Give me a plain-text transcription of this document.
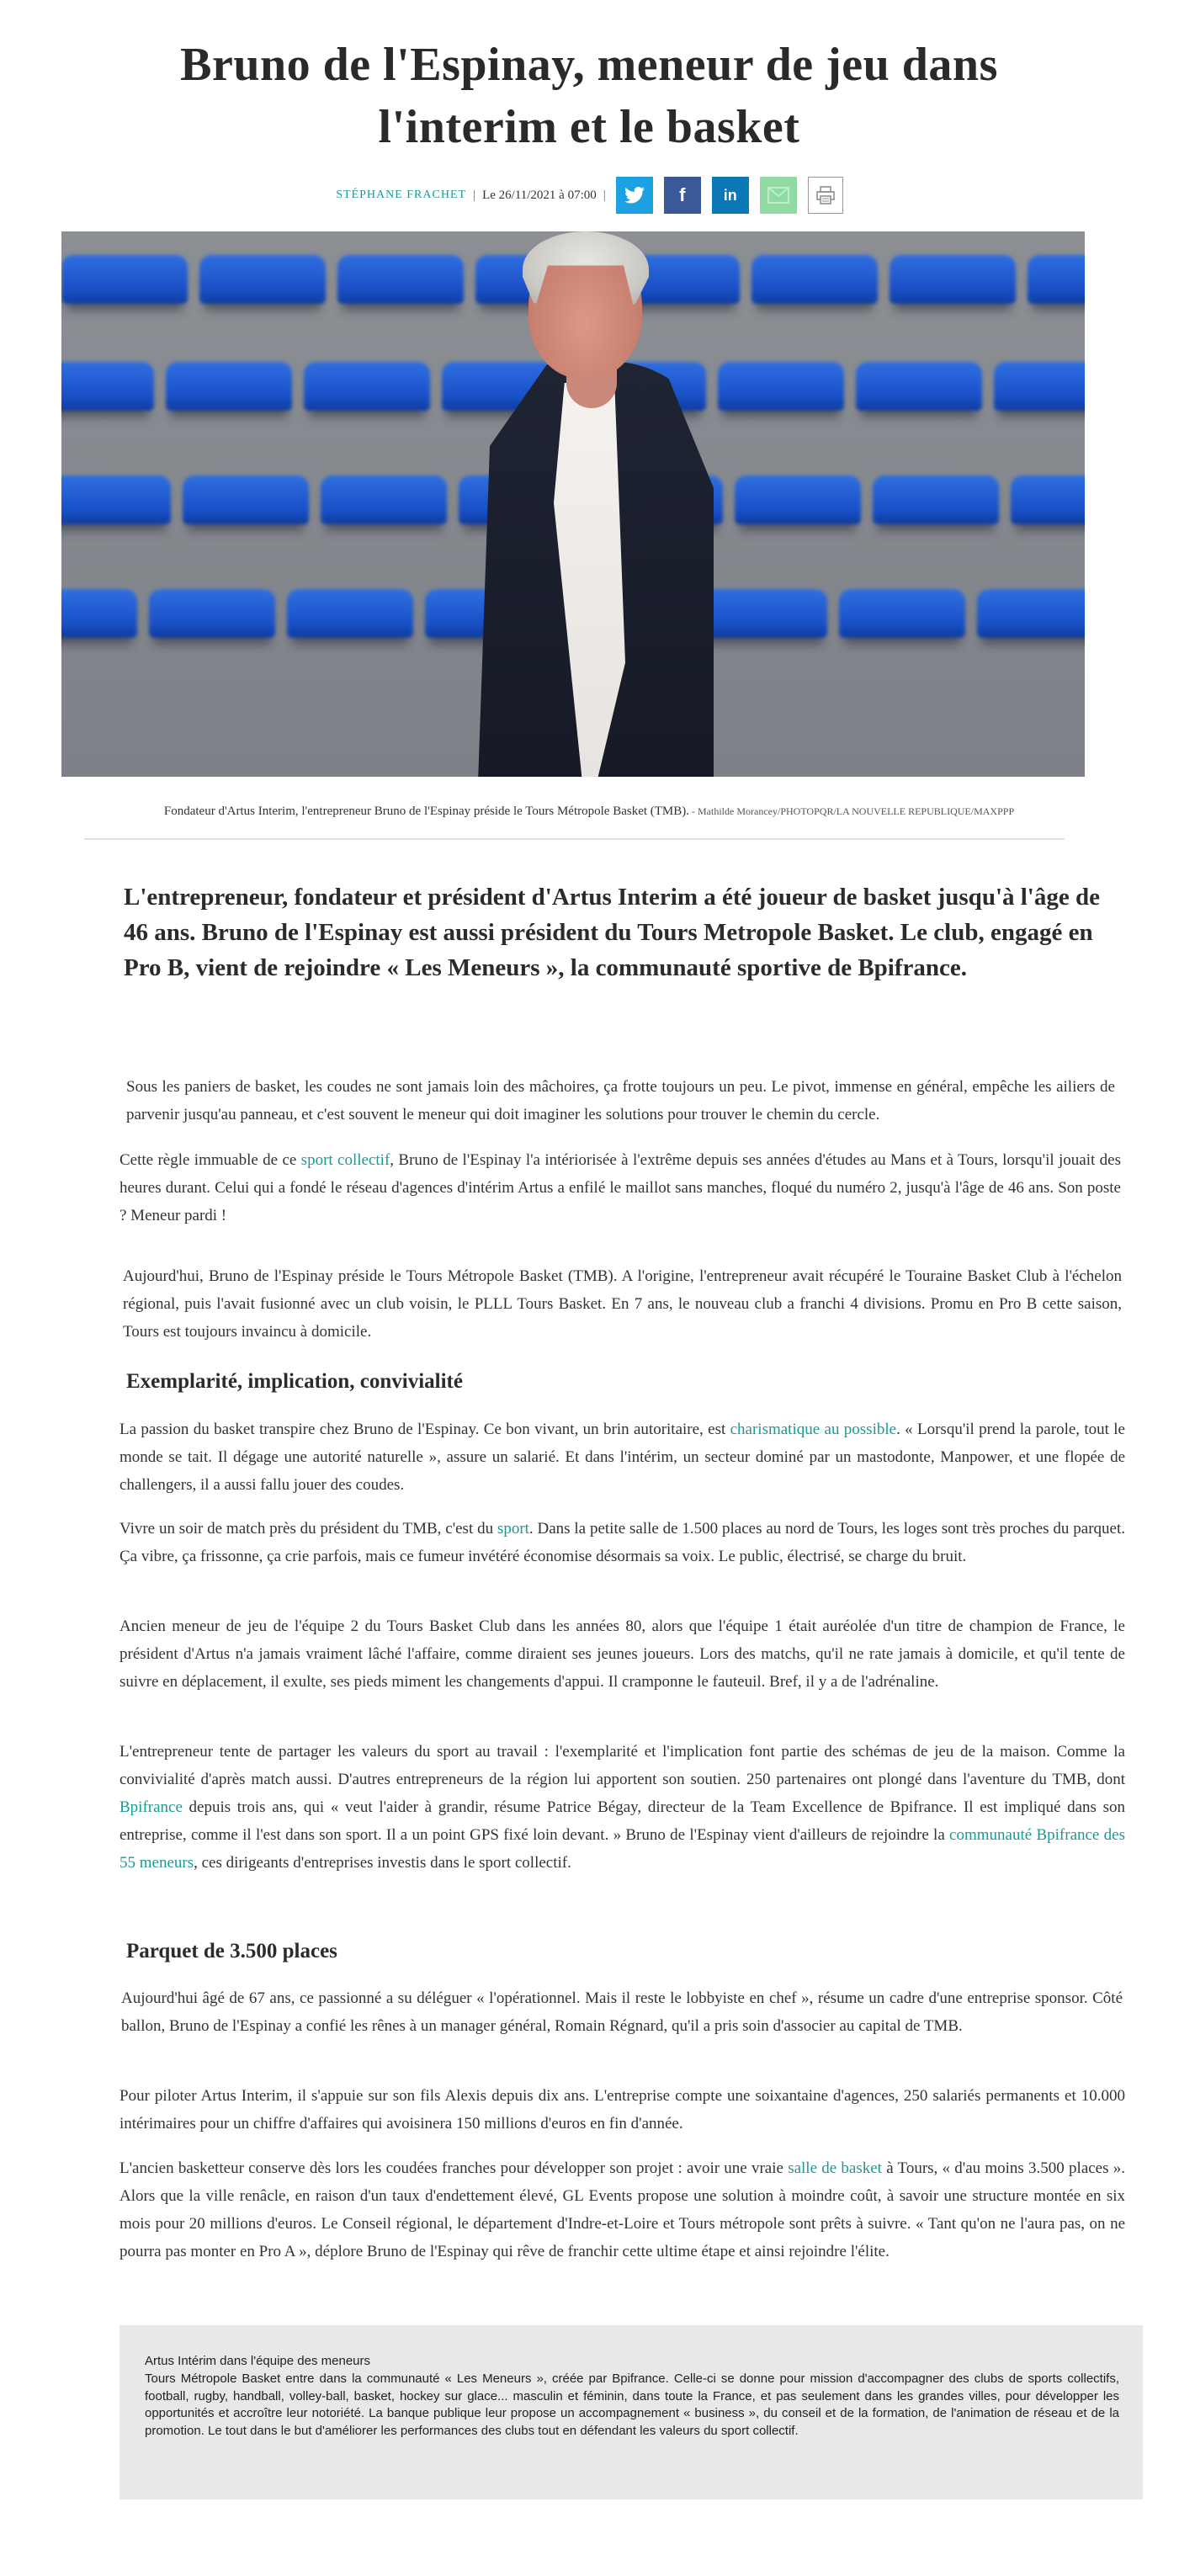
Bruno de l'Espinay, meneur de jeu dans l'interim et le basket
STÉPHANE FRACHET | Le 26/11/2021 à 07:00 |	f	in
Fondateur d'Artus Interim, l'entrepreneur Bruno de l'Espinay préside le Tours Métropole Basket (TMB). - Mathilde Morancey/PHOTOPQR/LA NOUVELLE REPUBLIQUE/MAXPPP
L'entrepreneur, fondateur et président d'Artus Interim a été joueur de basket jusqu'à l'âge de 46 ans. Bruno de l'Espinay est aussi président du Tours Metropole Basket. Le club, engagé en Pro B, vient de rejoindre « Les Meneurs », la communauté sportive de Bpifrance.

Sous les paniers de basket, les coudes ne sont jamais loin des mâchoires, ça frotte toujours un peu. Le pivot, immense en général, empêche les ailiers de parvenir jusqu'au panneau, et c'est souvent le meneur qui doit imaginer les solutions pour trouver le chemin du cercle.

Cette règle immuable de ce sport collectif, Bruno de l'Espinay l'a intériorisée à l'extrême depuis ses années d'études au Mans et à Tours, lorsqu'il jouait des heures durant. Celui qui a fondé le réseau d'agences d'intérim Artus a enfilé le maillot sans manches, floqué du numéro 2, jusqu'à l'âge de 46 ans. Son poste ? Meneur pardi !

Aujourd'hui, Bruno de l'Espinay préside le Tours Métropole Basket (TMB). A l'origine, l'entrepreneur avait récupéré le Touraine Basket Club à l'échelon régional, puis l'avait fusionné avec un club voisin, le PLLL Tours Basket. En 7 ans, le nouveau club a franchi 4 divisions. Promu en Pro B cette saison, Tours est toujours invaincu à domicile.

Exemplarité, implication, convivialité

La passion du basket transpire chez Bruno de l'Espinay. Ce bon vivant, un brin autoritaire, est charismatique au possible. « Lorsqu'il prend la parole, tout le monde se tait. Il dégage une autorité naturelle », assure un salarié. Et dans l'intérim, un secteur dominé par un mastodonte, Manpower, et une flopée de challengers, il a aussi fallu jouer des coudes.

Vivre un soir de match près du président du TMB, c'est du sport. Dans la petite salle de 1.500 places au nord de Tours, les loges sont très proches du parquet. Ça vibre, ça frissonne, ça crie parfois, mais ce fumeur invétéré économise désormais sa voix. Le public, électrisé, se charge du bruit.

Ancien meneur de jeu de l'équipe 2 du Tours Basket Club dans les années 80, alors que l'équipe 1 était auréolée d'un titre de champion de France, le président d'Artus n'a jamais vraiment lâché l'affaire, comme diraient ses jeunes joueurs. Lors des matchs, qu'il ne rate jamais à domicile, et qu'il tente de suivre en déplacement, il exulte, ses pieds miment les changements d'appui. Il cramponne le fauteuil. Bref, il y a de l'adrénaline.

L'entrepreneur tente de partager les valeurs du sport au travail : l'exemplarité et l'implication font partie des schémas de jeu de la maison. Comme la convivialité d'après match aussi. D'autres entrepreneurs de la région lui apportent son soutien. 250 partenaires ont plongé dans l'aventure du TMB, dont Bpifrance depuis trois ans, qui « veut l'aider à grandir, résume Patrice Bégay, directeur de la Team Excellence de Bpifrance. Il est impliqué dans son entreprise, comme il l'est dans son sport. Il a un point GPS fixé loin devant. » Bruno de l'Espinay vient d'ailleurs de rejoindre la communauté Bpifrance des 55 meneurs, ces dirigeants d'entreprises investis dans le sport collectif.

Parquet de 3.500 places

Aujourd'hui âgé de 67 ans, ce passionné a su déléguer « l'opérationnel. Mais il reste le lobbyiste en chef », résume un cadre d'une entreprise sponsor. Côté ballon, Bruno de l'Espinay a confié les rênes à un manager général, Romain Régnard, qu'il a pris soin d'associer au capital de TMB.

Pour piloter Artus Interim, il s'appuie sur son fils Alexis depuis dix ans. L'entreprise compte une soixantaine d'agences, 250 salariés permanents et 10.000 intérimaires pour un chiffre d'affaires qui avoisinera 150 millions d'euros en fin d'année.

L'ancien basketteur conserve dès lors les coudées franches pour développer son projet : avoir une vraie salle de basket à Tours, « d'au moins 3.500 places ». Alors que la ville renâcle, en raison d'un taux d'endettement élevé, GL Events propose une solution à moindre coût, à savoir une structure montée en six mois pour 20 millions d'euros. Le Conseil régional, le département d'Indre-et-Loire et Tours métropole sont prêts à suivre. « Tant qu'on ne l'aura pas, on ne pourra pas monter en Pro A », déplore Bruno de l'Espinay qui rêve de franchir cette ultime étape et ainsi rejoindre l'élite.

Artus Intérim dans l'équipe des meneurs
Tours Métropole Basket entre dans la communauté « Les Meneurs », créée par Bpifrance. Celle-ci se donne pour mission d'accompagner des clubs de sports collectifs, football, rugby, handball, volley-ball, basket, hockey sur glace... masculin et féminin, dans toute la France, et pas seulement dans les grandes villes, pour développer les opportunités et accroître leur notoriété. La banque publique leur propose un accompagnement « business », du conseil et de la formation, de l'animation de réseau et de la promotion. Le tout dans le but d'améliorer les performances des clubs tout en défendant les valeurs du sport collectif.
